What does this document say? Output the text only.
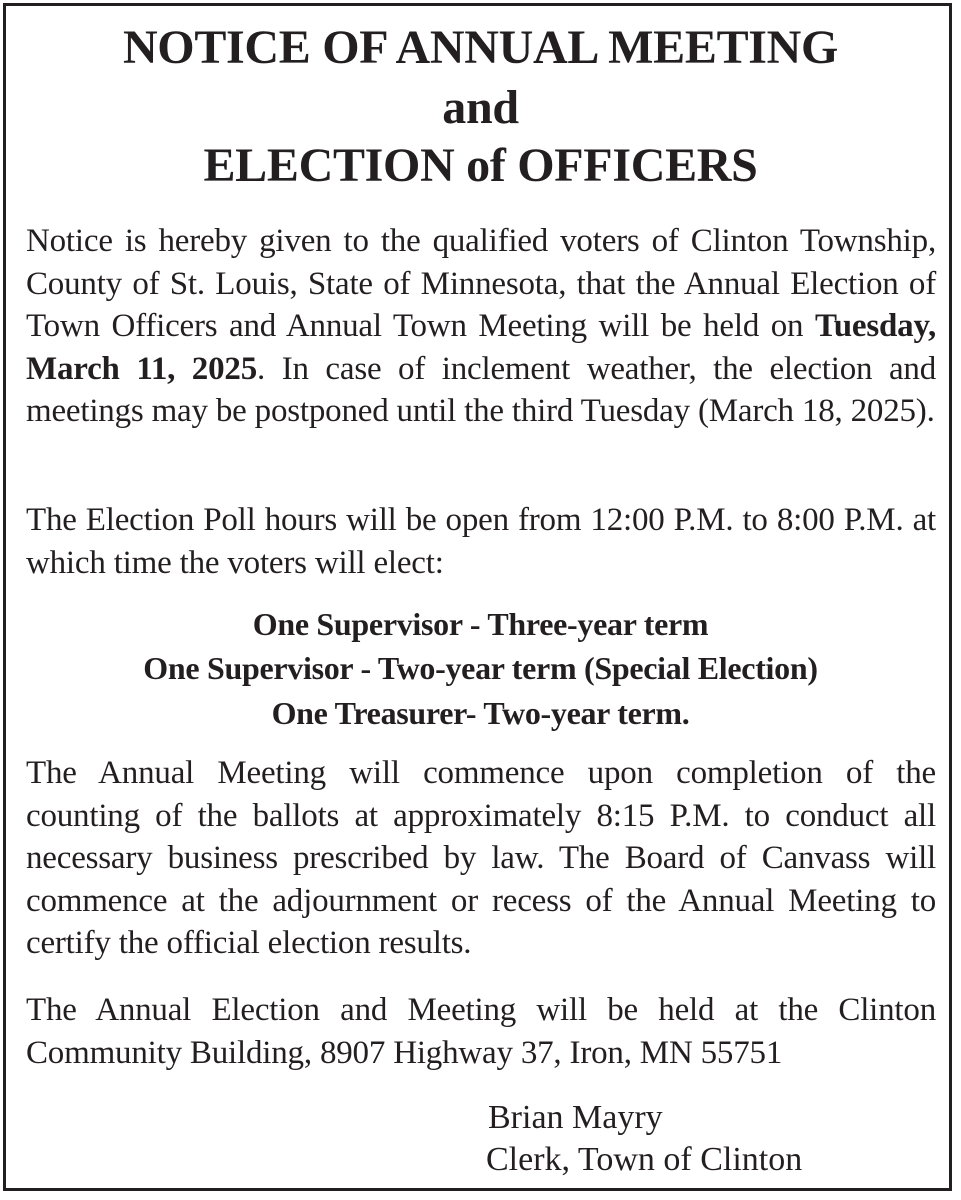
NOTICE OF ANNUAL MEETING
and
ELECTION of OFFICERS
Notice is hereby given to the qualified voters of Clinton Township, County of St. Louis, State of Minnesota, that the Annual Election of Town Officers and Annual Town Meeting will be held on Tuesday, March 11, 2025. In case of inclement weather, the election and meetings may be postponed until the third Tuesday (March 18, 2025).
The Election Poll hours will be open from 12:00 P.M. to 8:00 P.M. at which time the voters will elect:
One Supervisor - Three-year term
One Supervisor - Two-year term (Special Election)
One Treasurer- Two-year term.
The Annual Meeting will commence upon completion of the counting of the ballots at approximately 8:15 P.M. to conduct all necessary business prescribed by law. The Board of Canvass will commence at the adjournment or recess of the Annual Meeting to certify the official election results.
The Annual Election and Meeting will be held at the Clinton Community Building, 8907 Highway 37, Iron, MN 55751
Brian Mayry
Clerk, Town of Clinton
